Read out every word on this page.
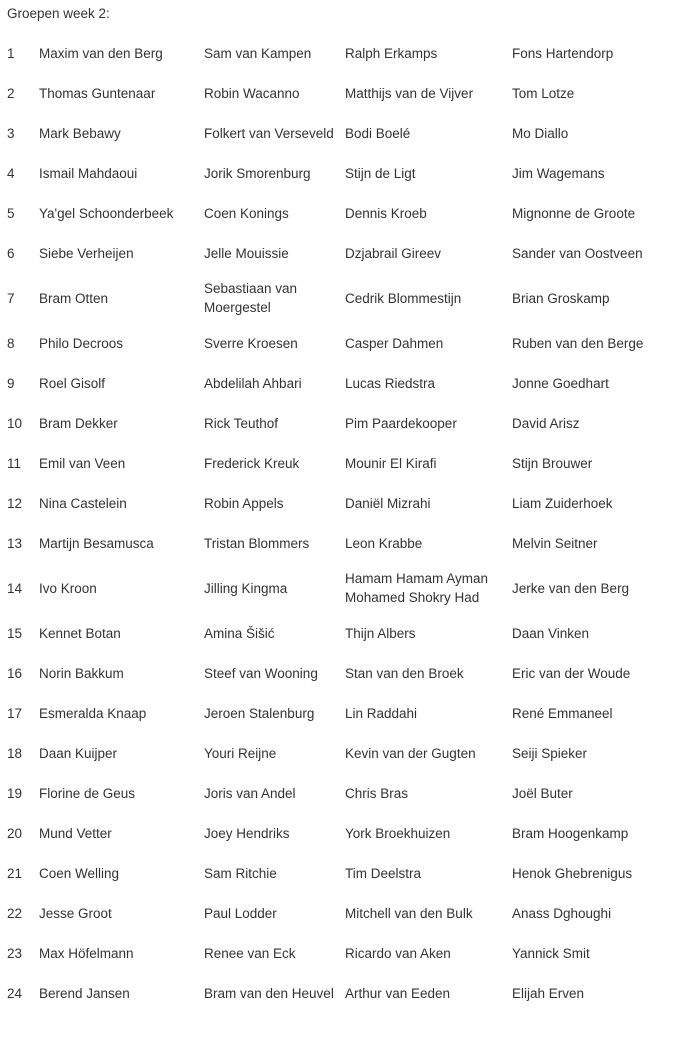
Groepen week 2:

1	Maxim van den Berg	Sam van Kampen	Ralph Erkamps	Fons Hartendorp
2	Thomas Guntenaar	Robin Wacanno	Matthijs van de Vijver	Tom Lotze
3	Mark Bebawy	Folkert van Verseveld	Bodi Boelé	Mo Diallo
4	Ismail Mahdaoui	Jorik Smorenburg	Stijn de Ligt	Jim Wagemans
5	Ya'gel Schoonderbeek	Coen Konings	Dennis Kroeb	Mignonne de Groote
6	Siebe Verheijen	Jelle Mouissie	Dzjabrail Gireev	Sander van Oostveen
7	Bram Otten	Sebastiaan van Moergestel	Cedrik Blommestijn	Brian Groskamp
8	Philo Decroos	Sverre Kroesen	Casper Dahmen	Ruben van den Berge
9	Roel Gisolf	Abdelilah Ahbari	Lucas Riedstra	Jonne Goedhart
10	Bram Dekker	Rick Teuthof	Pim Paardekooper	David Arisz
11	Emil van Veen	Frederick Kreuk	Mounir El Kirafi	Stijn Brouwer
12	Nina Castelein	Robin Appels	Daniël Mizrahi	Liam Zuiderhoek
13	Martijn Besamusca	Tristan Blommers	Leon Krabbe	Melvin Seitner
14	Ivo Kroon	Jilling Kingma	Hamam Hamam Ayman Mohamed Shokry Had	Jerke van den Berg
15	Kennet Botan	Amina Šišić	Thijn Albers	Daan Vinken
16	Norin Bakkum	Steef van Wooning	Stan van den Broek	Eric van der Woude
17	Esmeralda Knaap	Jeroen Stalenburg	Lin Raddahi	René Emmaneel
18	Daan Kuijper	Youri Reijne	Kevin van der Gugten	Seiji Spieker
19	Florine de Geus	Joris van Andel	Chris Bras	Joël Buter
20	Mund Vetter	Joey Hendriks	York Broekhuizen	Bram Hoogenkamp
21	Coen Welling	Sam Ritchie	Tim Deelstra	Henok Ghebrenigus
22	Jesse Groot	Paul Lodder	Mitchell van den Bulk	Anass Dghoughi
23	Max Höfelmann	Renee van Eck	Ricardo van Aken	Yannick Smit
24	Berend Jansen	Bram van den Heuvel	Arthur van Eeden	Elijah Erven
